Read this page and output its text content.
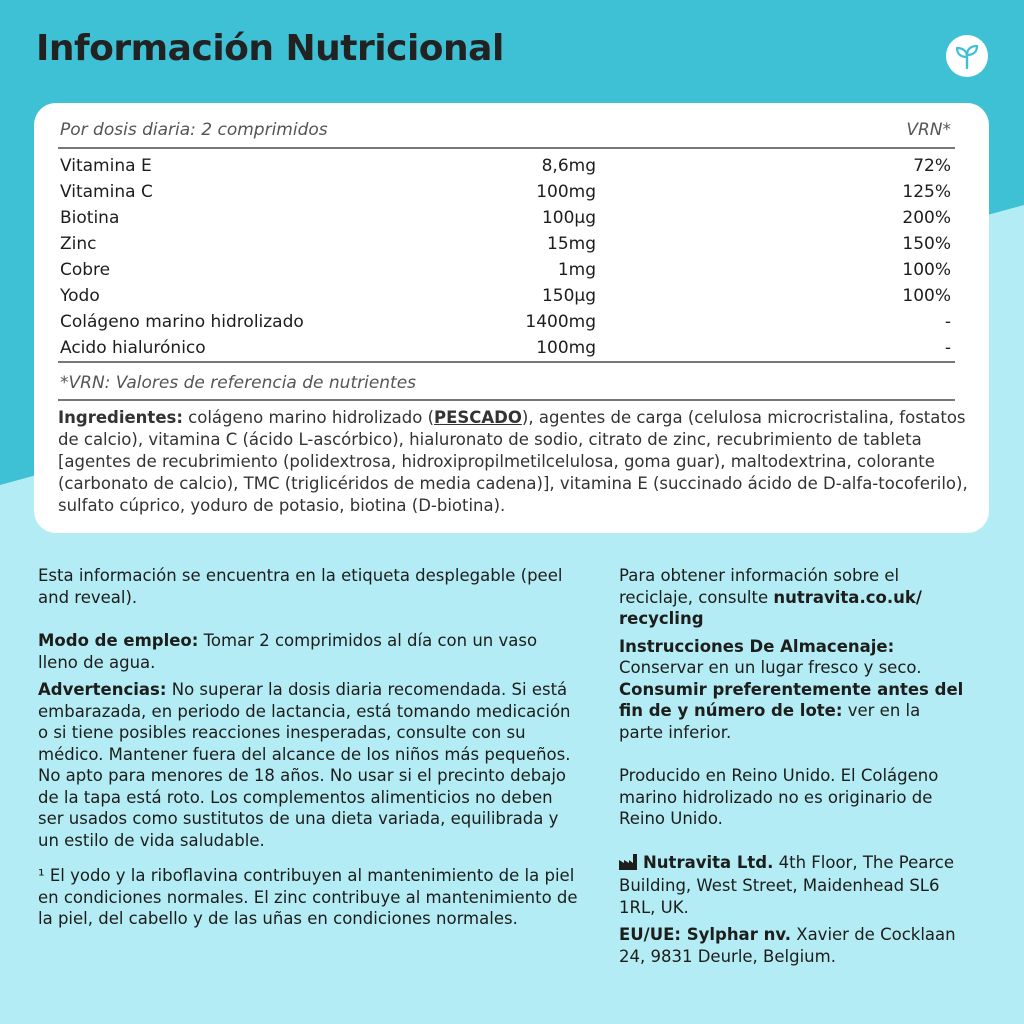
Información Nutricional
Por dosis diaria: 2 comprimidos	VRN*
Vitamina E	8,6mg	72%
Vitamina C	100mg	125%
Biotina	100µg	200%
Zinc	15mg	150%
Cobre	1mg	100%
Yodo	150µg	100%
Colágeno marino hidrolizado	1400mg	-
Acido hialurónico	100mg	-
*VRN: Valores de referencia de nutrientes
Ingredientes: colágeno marino hidrolizado (PESCADO), agentes de carga (celulosa microcristalina, fostatos de calcio), vitamina C (ácido L-ascórbico), hialuronato de sodio, citrato de zinc, recubrimiento de tableta [agentes de recubrimiento (polidextrosa, hidroxipropilmetilcelulosa, goma guar), maltodextrina, colorante (carbonato de calcio), TMC (triglicéridos de media cadena)], vitamina E (succinado ácido de D-alfa-tocoferilo), sulfato cúprico, yoduro de potasio, biotina (D-biotina).

Esta información se encuentra en la etiqueta desplegable (peel and reveal).

Modo de empleo: Tomar 2 comprimidos al día con un vaso lleno de agua.

Advertencias: No superar la dosis diaria recomendada. Si está embarazada, en periodo de lactancia, está tomando medicación o si tiene posibles reacciones inesperadas, consulte con su médico. Mantener fuera del alcance de los niños más pequeños. No apto para menores de 18 años. No usar si el precinto debajo de la tapa está roto. Los complementos alimenticios no deben ser usados como sustitutos de una dieta variada, equilibrada y un estilo de vida saludable.

¹ El yodo y la riboflavina contribuyen al mantenimiento de la piel en condiciones normales. El zinc contribuye al mantenimiento de la piel, del cabello y de las uñas en condiciones normales.

Para obtener información sobre el reciclaje, consulte nutravita.co.uk/ recycling

Instrucciones De Almacenaje:

Conservar en un lugar fresco y seco.

Consumir preferentemente antes del fin de y número de lote: ver en la parte inferior.

Producido en Reino Unido. El Colágeno marino hidrolizado no es originario de Reino Unido.

Nutravita Ltd. 4th Floor, The Pearce Building, West Street, Maidenhead SL6 1RL, UK.

EU/UE: Sylphar nv. Xavier de Cocklaan 24, 9831 Deurle, Belgium.
